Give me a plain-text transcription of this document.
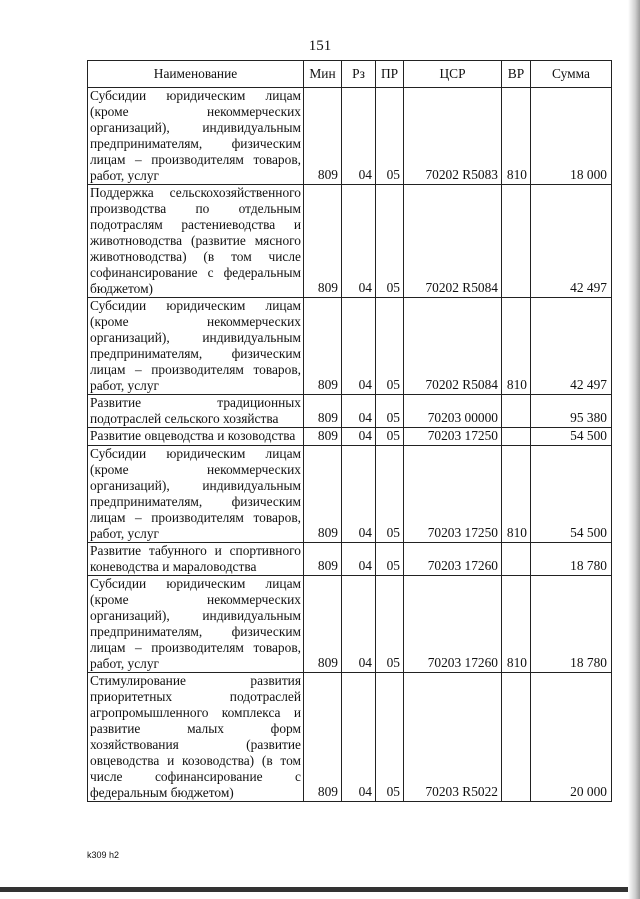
151
Наименование	Мин	Рз	ПР	ЦСР	ВР	Сумма
Субсидии юридическим лицам (кроме некоммерческих организаций), индивидуальным предпринимателям, физическим лицам – производителям товаров, работ, услуг	809	04	05	70202 R5083	810	18 000
Поддержка сельскохозяйственного производства по отдельным подотраслям растениеводства и животноводства (развитие мясного животноводства) (в том числе софинансирование с федеральным бюджетом)	809	04	05	70202 R5084		42 497
Субсидии юридическим лицам (кроме некоммерческих организаций), индивидуальным предпринимателям, физическим лицам – производителям товаров, работ, услуг	809	04	05	70202 R5084	810	42 497
Развитие традиционных подотраслей сельского хозяйства	809	04	05	70203 00000		95 380
Развитие овцеводства и козоводства	809	04	05	70203 17250		54 500
Субсидии юридическим лицам (кроме некоммерческих организаций), индивидуальным предпринимателям, физическим лицам – производителям товаров, работ, услуг	809	04	05	70203 17250	810	54 500
Развитие табунного и спортивного коневодства и мараловодства	809	04	05	70203 17260		18 780
Субсидии юридическим лицам (кроме некоммерческих организаций), индивидуальным предпринимателям, физическим лицам – производителям товаров, работ, услуг	809	04	05	70203 17260	810	18 780
Стимулирование развития приоритетных подотраслей агропромышленного комплекса и развитие малых форм хозяйствования (развитие овцеводства и козоводства) (в том числе софинансирование с федеральным бюджетом)	809	04	05	70203 R5022		20 000
k309 h2
